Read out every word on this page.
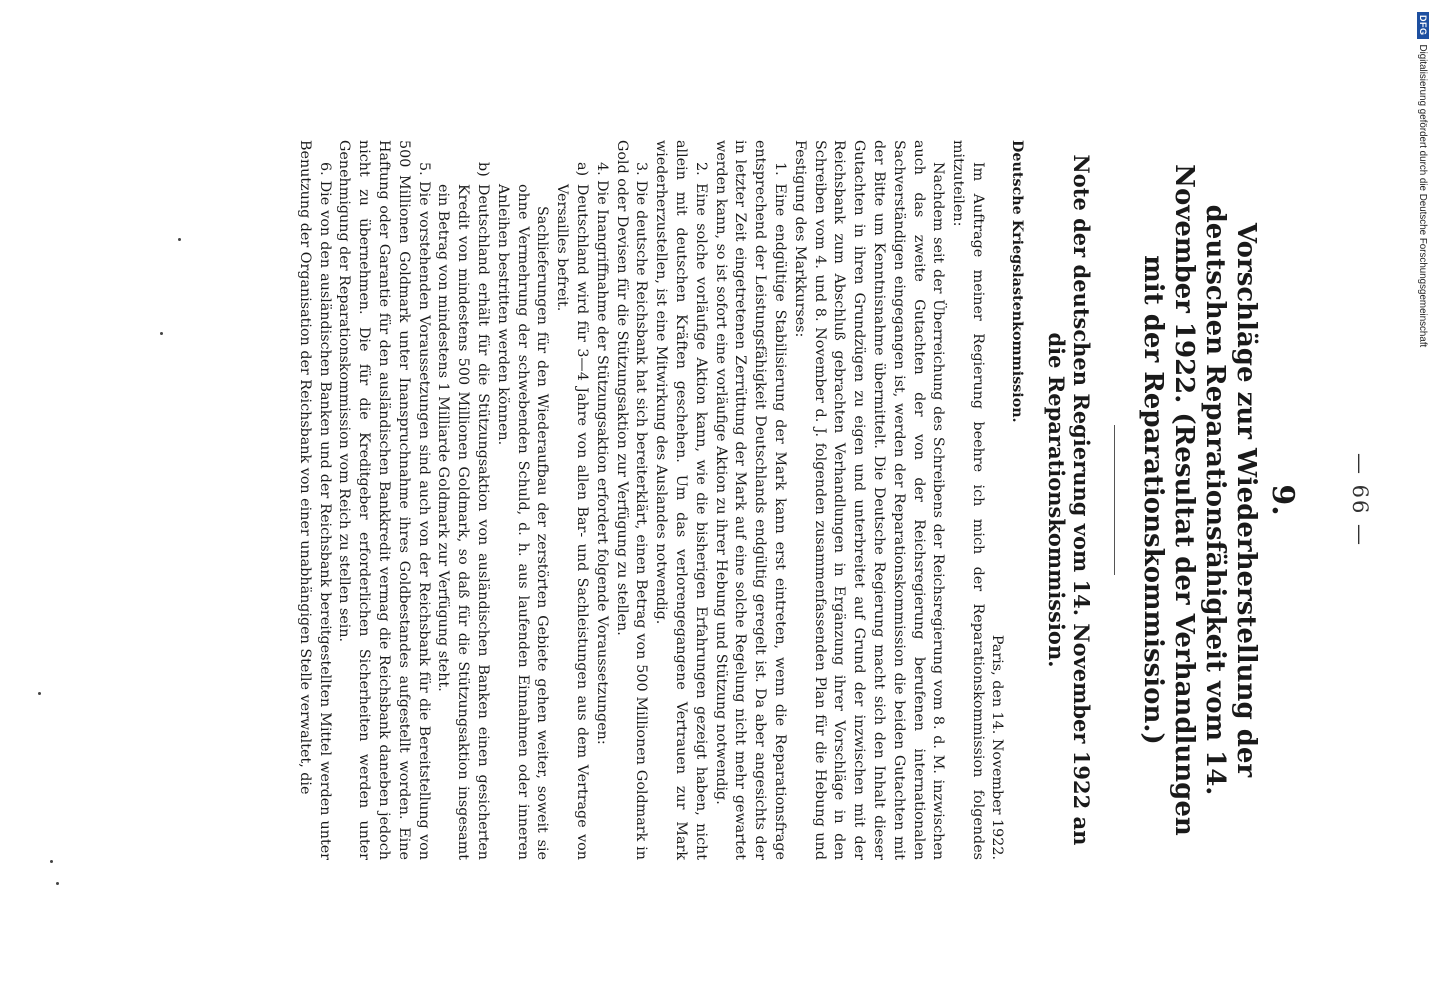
— 66 —
9.
Vorschläge zur Wiederherstellung der deutschen Reparationsfähigkeit vom 14. November 1922. (Resultat der Verhandlungen mit der Reparationskommission.)
Note der deutschen Regierung vom 14. November 1922 an die Reparationskommission.
Deutsche Kriegslastenkommission.
Paris, den 14. November 1922.

Im Auftrage meiner Regierung beehre ich mich der Reparationskommission folgendes mitzuteilen:

Nachdem seit der Überreichung des Schreibens der Reichsregierung vom 8. d. M. inzwischen auch das zweite Gutachten der von der Reichsregierung berufenen internationalen Sachverständigen eingegangen ist, werden der Reparationskommission die beiden Gutachten mit der Bitte um Kenntnisnahme übermittelt. Die Deutsche Regierung macht sich den Inhalt dieser Gutachten in ihren Grundzügen zu eigen und unterbreitet auf Grund der inzwischen mit der Reichsbank zum Abschluß gebrachten Verhandlungen in Ergänzung ihrer Vorschläge in den Schreiben vom 4. und 8. November d. J. folgenden zusammenfassenden Plan für die Hebung und Festigung des Markkurses:

1. Eine endgültige Stabilisierung der Mark kann erst eintreten, wenn die Reparationsfrage entsprechend der Leistungsfähigkeit Deutschlands endgültig geregelt ist. Da aber angesichts der in letzter Zeit eingetretenen Zerrüttung der Mark auf eine solche Regelung nicht mehr gewartet werden kann, so ist sofort eine vorläufige Aktion zu ihrer Hebung und Stützung notwendig.

2. Eine solche vorläufige Aktion kann, wie die bisherigen Erfahrungen gezeigt haben, nicht allein mit deutschen Kräften geschehen. Um das verlorengegangene Vertrauen zur Mark wiederherzustellen, ist eine Mitwirkung des Auslandes notwendig.

3. Die deutsche Reichsbank hat sich bereiterklärt, einen Betrag von 500 Millionen Goldmark in Gold oder Devisen für die Stützungsaktion zur Verfügung zu stellen.

4. Die Inangriffnahme der Stützungsaktion erfordert folgende Voraussetzungen:

a)
Deutschland wird für 3—4 Jahre von allen Bar- und Sachleistungen aus dem Vertrage von Versailles befreit.

Sachlieferungen für den Wiederaufbau der zerstörten Gebiete gehen weiter, soweit sie ohne Vermehrung der schwebenden Schuld, d. h. aus laufenden Einnahmen oder inneren Anleihen bestritten werden können.

b)
Deutschland erhält für die Stützungsaktion von ausländischen Banken einen gesicherten Kredit von mindestens 500 Millionen Goldmark, so daß für die Stützungsaktion insgesamt ein Betrag von mindestens 1 Milliarde Goldmark zur Verfügung steht.

5. Die vorstehenden Voraussetzungen sind auch von der Reichsbank für die Bereitstellung von 500 Millionen Goldmark unter Inanspruchnahme ihres Goldbestandes aufgestellt worden. Eine Haftung oder Garantie für den ausländischen Bankkredit vermag die Reichsbank daneben jedoch nicht zu übernehmen. Die für die Kreditgeber erforderlichen Sicherheiten werden unter Genehmigung der Reparationskommission vom Reich zu stellen sein.

6. Die von den ausländischen Banken und der Reichsbank bereitgestellten Mittel werden unter Benutzung der Organisation der Reichsbank von einer unabhängigen Stelle verwaltet, die

DFG
Digitalisierung gefördert durch die Deutsche Forschungsgemeinschaft
